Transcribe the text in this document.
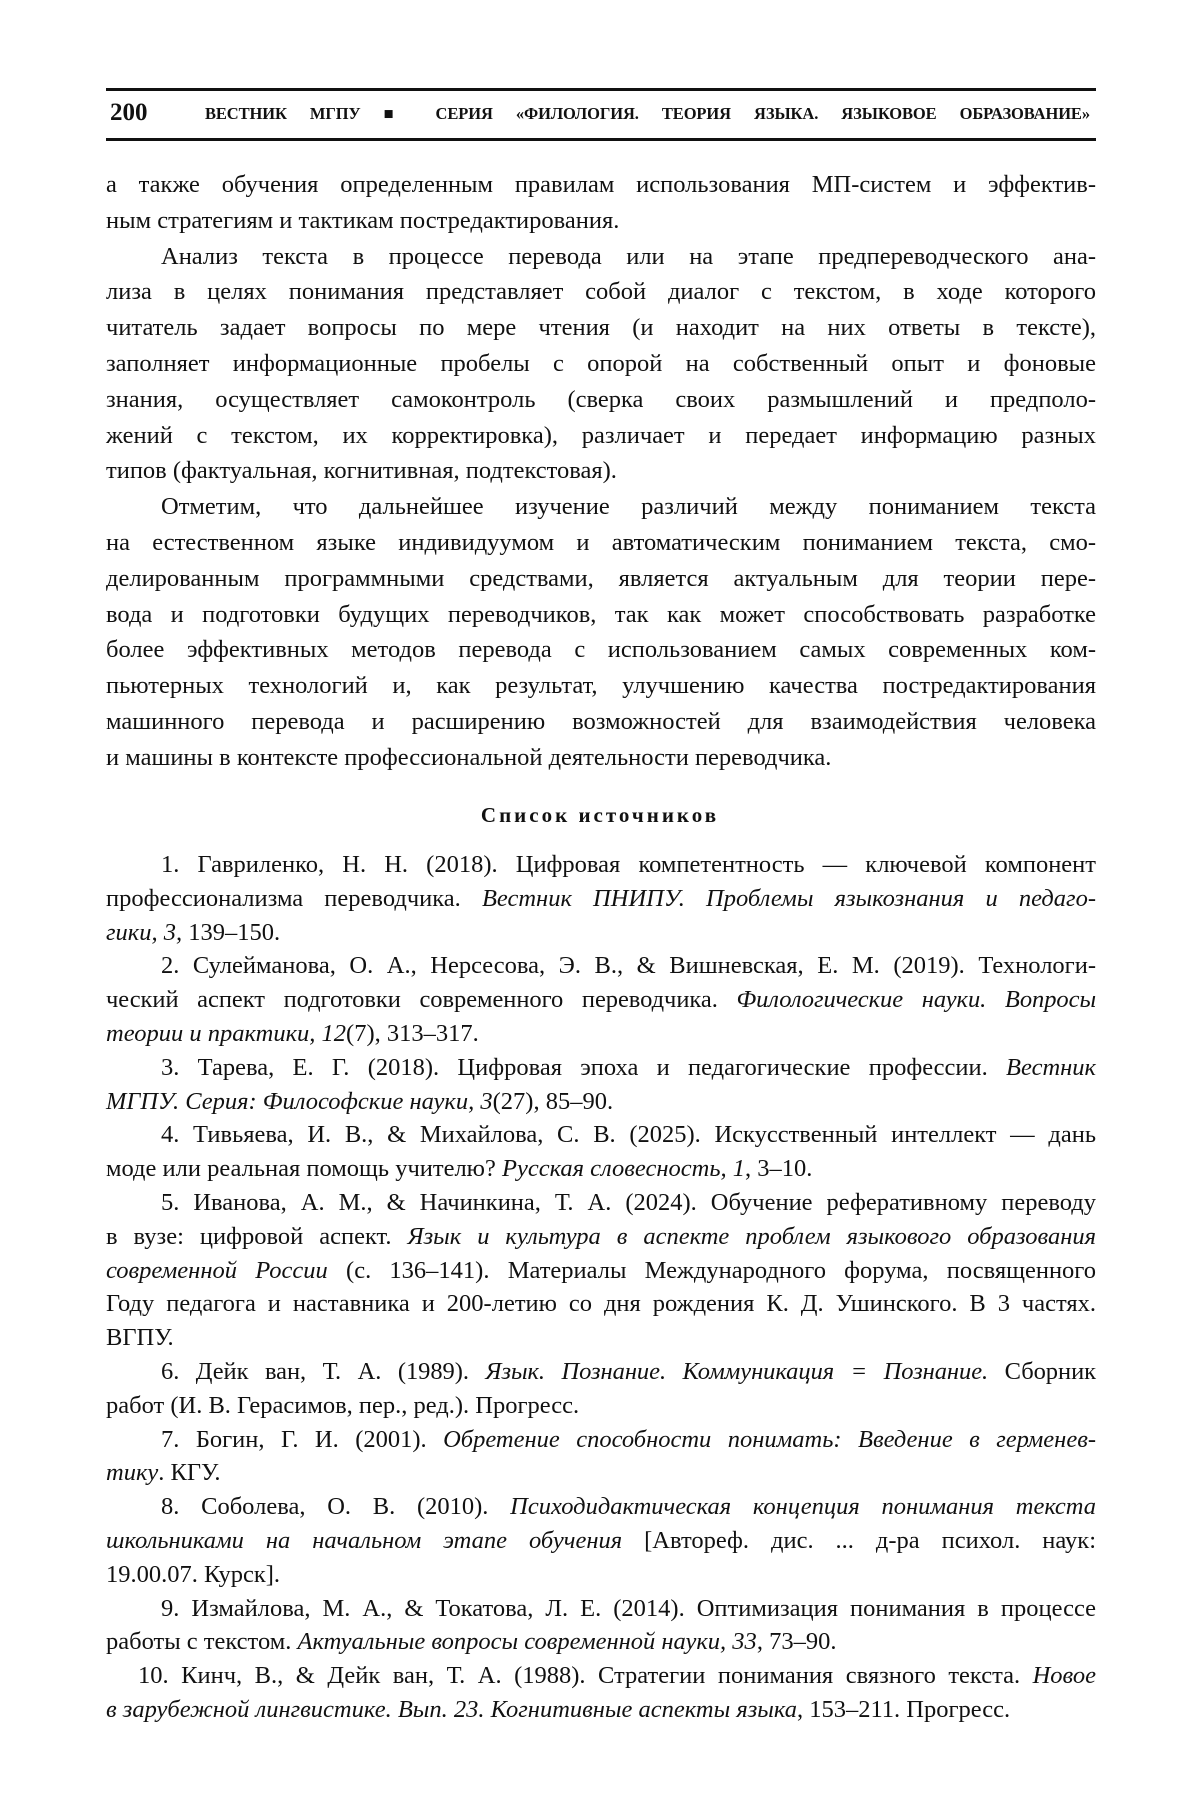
200	ВЕСТНИК МГПУ ■ СЕРИЯ «ФИЛОЛОГИЯ. ТЕОРИЯ ЯЗЫКА. ЯЗЫКОВОЕ ОБРАЗОВАНИЕ»
а также обучения определенным правилам использования МП-систем и эффектив-
ным стратегиям и тактикам постредактирования.
Анализ текста в процессе перевода или на этапе предпереводческого ана-
лиза в целях понимания представляет собой диалог с текстом, в ходе которого
читатель задает вопросы по мере чтения (и находит на них ответы в тексте),
заполняет информационные пробелы с опорой на собственный опыт и фоновые
знания, осуществляет самоконтроль (сверка своих размышлений и предполо-
жений с текстом, их корректировка), различает и передает информацию разных
типов (фактуальная, когнитивная, подтекстовая).
Отметим, что дальнейшее изучение различий между пониманием текста
на естественном языке индивидуумом и автоматическим пониманием текста, смо-
делированным программными средствами, является актуальным для теории пере-
вода и подготовки будущих переводчиков, так как может способствовать разработке
более эффективных методов перевода с использованием самых современных ком-
пьютерных технологий и, как результат, улучшению качества постредактирования
машинного перевода и расширению возможностей для взаимодействия человека
и машины в контексте профессиональной деятельности переводчика.
Список источников
1. Гавриленко, Н. Н. (2018). Цифровая компетентность — ключевой компонент
профессионализма переводчика. Вестник ПНИПУ. Проблемы языкознания и педаго-
гики, 3, 139–150.
2. Сулейманова, О. А., Нерсесова, Э. В., & Вишневская, Е. М. (2019). Технологи-
ческий аспект подготовки современного переводчика. Филологические науки. Вопросы
теории и практики, 12(7), 313–317.
3. Тарева, Е. Г. (2018). Цифровая эпоха и педагогические профессии. Вестник
МГПУ. Серия: Философские науки, 3(27), 85–90.
4. Тивьяева, И. В., & Михайлова, С. В. (2025). Искусственный интеллект — дань
моде или реальная помощь учителю? Русская словесность, 1, 3–10.
5. Иванова, А. М., & Начинкина, Т. А. (2024). Обучение реферативному переводу
в вузе: цифровой аспект. Язык и культура в аспекте проблем языкового образования
современной России (с. 136–141). Материалы Международного форума, посвященного
Году педагога и наставника и 200-летию со дня рождения К. Д. Ушинского. В 3 частях.
ВГПУ.
6. Дейк ван, Т. А. (1989). Язык. Познание. Коммуникация = Познание. Сборник
работ (И. В. Герасимов, пер., ред.). Прогресс.
7. Богин, Г. И. (2001). Обретение способности понимать: Введение в герменев-
тику. КГУ.
8. Соболева, О. В. (2010). Психодидактическая концепция понимания текста
школьниками на начальном этапе обучения [Автореф. дис. ... д-ра психол. наук:
19.00.07. Курск].
9. Измайлова, М. А., & Токатова, Л. Е. (2014). Оптимизация понимания в процессе
работы с текстом. Актуальные вопросы современной науки, 33, 73–90.
10. Кинч, В., & Дейк ван, Т. А. (1988). Стратегии понимания связного текста. Новое
в зарубежной лингвистике. Вып. 23. Когнитивные аспекты языка, 153–211. Прогресс.
